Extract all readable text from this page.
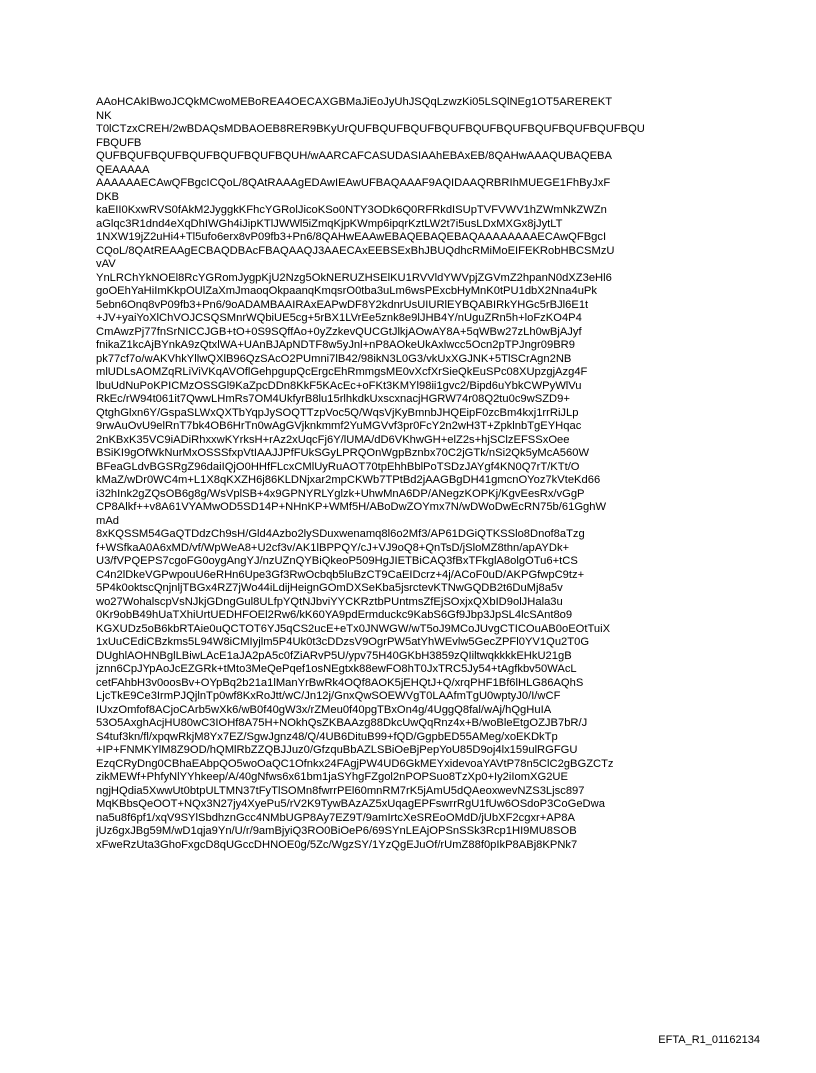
AAoHCAkIBwoJCQkMCwoMEBoREA4OECAXGBMaJiEoJyUhJSQqLzwzKi05LSQlNEg1OT5AREREKT
NK
T0lCTzxCREH/2wBDAQsMDBAOEB8RER9BKyUrQUFBQUFBQUFBQUFBQUFBQUFBQUFBQUFBQUFBQU
FBQUFB
QUFBQUFBQUFBQUFBQUFBQUFBQUH/wAARCAFCASUDASIAAhEBAxEB/8QAHwAAAQUBAQEBA
QEAAAAA
AAAAAAECAwQFBgcICQoL/8QAtRAAAgEDAwIEAwUFBAQAAAF9AQIDAAQRBRIhMUEGE1FhByJxF
DKB
kaEII0KxwRVS0fAkM2JyggkKFhcYGRolJicoKSo0NTY3ODk6Q0RFRkdISUpTVFVWV1hZWmNkZWZn
aGlqc3R1dnd4eXqDhIWGh4iJipKTlJWWl5iZmqKjpKWmp6ipqrKztLW2t7i5usLDxMXGx8jJytLT
1NXW19jZ2uHi4+Tl5ufo6erx8vP09fb3+Pn6/8QAHwEAAwEBAQEBAQEBAQAAAAAAAAECAwQFBgcI
CQoL/8QAtREAAgECBAQDBAcFBAQAAQJ3AAECAxEEBSExBhJBUQdhcRMiMoEIFEKRobHBCSMzU
vAV
YnLRChYkNOEl8RcYGRomJygpKjU2Nzg5OkNERUZHSElKU1RVVldYWVpjZGVmZ2hpanN0dXZ3eHl6
goOEhYaHiImKkpOUlZaXmJmaoqOkpaanqKmqsrO0tba3uLm6wsPExcbHyMnK0tPU1dbX2Nna4uPk
5ebn6Onq8vP09fb3+Pn6/9oADAMBAAIRAxEAPwDF8Y2kdnrUsUIURlEYBQABIRkYHGc5rBJl6E1t
+JV+yaiYoXlChVOJCSQSMnrWQbiUE5cg+5rBX1LVrEe5znk8e9lJHB4Y/nUguZRn5h+loFzKO4P4
CmAwzPj77fnSrNICCJGB+tO+0S9SQffAo+0yZzkevQUCGtJlkjAOwAY8A+5qWBw27zLh0wBjAJyf
fnikaZ1kcAjBYnkA9zQtxlWA+UAnBJApNDTF8w5yJnl+nP8AOkeUkAxlwcc5Ocn2pTPJngr09BR9
pk77cf7o/wAKVhkYllwQXlB96QzSAcO2PUmni7lB42/98ikN3L0G3/vkUxXGJNK+5TlSCrAgn2NB
mlUDLsAOMZqRLiViVKqAVOflGehpgupQcErgcEhRmmgsME0vXcfXrSieQkEuSPc08XUpzgjAzg4F
lbuUdNuPoKPICMzOSSGl9KaZpcDDn8KkF5KAcEc+oFKt3KMYl98ii1gvc2/Bipd6uYbkCWPyWlVu
RkEc/rW94t061it7QwwLHmRs7OM4UkfyrB8lu15rlhkdkUxscxnacjHGRW74r08Q2tu0c9wSZD9+
QtghGlxn6Y/GspaSLWxQXTbYqpJySOQTTzpVoc5Q/WqsVjKyBmnbJHQEipF0zcBm4kxj1rrRiJLp
9rwAuOvU9elRnT7bk4OB6HrTn0wAgGVjknkmmf2YuMGVvf3pr0FcY2n2wH3T+ZpklnbTgEYHqac
2nKBxK35VC9iADiRhxxwKYrksH+rAz2xUqcFj6Y/lUMA/dD6VKhwGH+elZ2s+hjSClzEFSSxOee
BSiKI9gOfWkNurMxOSSSfxpVtIAAJJPfFUkSGyLPRQOnWgpBznbx70C2jGTk/nSi2Qk5yMcA560W
BFeaGLdvBGSRgZ96daiIQjO0HHfFLcxCMlUyRuAOT70tpEhhBblPoTSDzJAYgf4KN0Q7rT/KTt/O
kMaZ/wDr0WC4m+L1X8qKXZH6j86KLDNjxar2mpCKWb7TPtBd2jAAGBgDH41gmcnOYoz7kVteKd66
i32hInk2gZQsOB6g8g/WsVplSB+4x9GPNYRLYglzk+UhwMnA6DP/ANegzKOPKj/KgvEesRx/vGgP
CP8Alkf++v8A61VYAMwOD5SD14P+NHnKP+WMf5H/ABoDwZOYmx7N/wDWoDwEcRN75b/61GghW
mAd
8xKQSSM54GaQTDdzCh9sH/Gld4Azbo2lySDuxwenamq8l6o2Mf3/AP61DGiQTKSSlo8Dnof8aTzg
f+WSfkaA0A6xMD/vf/WpWeA8+U2cf3v/AK1lBPPQY/cJ+VJ9oQ8+QnTsD/jSloMZ8thn/apAYDk+
U3/fVPQEPS7cgoFG0oygAngYJ/nzUZnQYBiQkeoP509HgJIETBiCAQ3fBxTFkglA8olgOTu6+tCS
C4n2lDkeVGPwpouU6eRHn6Upe3Gf3RwOcbqb5luBzCT9CaEIDcrz+4j/ACoF0uD/AKPGfwpC9tz+
5P4k0oktscQnjnljTBGx4RZ7jWo44iLdijHeignGOmDXSeKba5jsrctevKTNwGQDB2t6DuMj8a5v
wo27WohalscpVsNJkjGDngGul8ULfpYQtNJbviYYCKRztbPUntmsZfEjSOxjxQXbID9olJHala3u
0Kr9obB49hUaTXhiUrtUEDHFOEl2Rw6/kK60YA9pdErmduckc9KabS6Gf9Jbp3JpSL4lcSAnt8o9
KGXUDz5oB6kbRTAie0uQCTOT6YJ5qCS2ucE+eTx0JNWGW/wT5oJ9MCoJUvgCTICOuAB0oEOtTuiX
1xUuCEdiCBzkms5L94W8iCMIyjlm5P4Uk0t3cDDzsV9OgrPW5atYhWEvlw5GecZPFl0YV1Qu2T0G
DUghlAOHNBglLBiwLAcE1aJA2pA5c0fZiARvP5U/ypv75H40GKbH3859zQIiltwqkkkkEHkU21gB
jznn6CpJYpAoJcEZGRk+tMto3MeQePqef1osNEgtxk88ewFO8hT0JxTRC5Jy54+tAgfkbv50WAcL
cetFAhbH3v0oosBv+OYpBq2b21a1lManYrBwRk4OQf8AOK5jEHQtJ+Q/xrqPHF1Bf6lHLG86AQhS
LjcTkE9Ce3IrmPJQjlnTp0wf8KxRoJtt/wC/Jn12j/GnxQwSOEWVgT0LAAfmTgU0wptyJ0/I/wCF
IUxzOmfof8ACjoCArb5wXk6/wB0f40gW3x/rZMeu0f40pgTBxOn4g/4UggQ8fal/wAj/hQgHuIA
53O5AxghAcjHU80wC3IOHf8A75H+NOkhQsZKBAAzg88DkcUwQqRnz4x+B/woBleEtgOZJB7bR/J
S4tuf3kn/fl/xpqwRkjM8Yx7EZ/SgwJgnz48/Q/4UB6DituB99+fQD/GgpbED55AMeg/xoEKDkTp
+IP+FNMKYlM8Z9OD/hQMlRbZZQBJJuz0/GfzquBbAZLSBiOeBjPepYoU85D9oj4lx159ulRGFGU
EzqCRyDng0CBhaEAbpQO5woOaQC1Ofnkx24FAgjPW4UD6GkMEYxidevoaYAVtP78n5ClC2gBGZCTz
zikMEWf+PhfyNlYYhkeep/A/40gNfws6x61bm1jaSYhgFZgol2nPOPSuo8TzXp0+Iy2iIomXG2UE
ngjHQdia5XwwUt0btpULTMN37tFyTlSOMn8fwrrPEl60mnRM7rK5jAmU5dQAeoxwevNZS3Ljsc897
MqKBbsQeOOT+NQx3N27jy4XyePu5/rV2K9TywBAzAZ5xUqagEPFswrrRgU1fUw6OSdoP3CoGeDwa
na5u8f6pf1/xqV9SYlSbdhznGcc4NMbUGP8Ay7EZ9T/9amIrtcXeSREoOMdD/jUbXF2cgxr+AP8A
jUz6gxJBg59M/wD1qja9Yn/U/r/9amBjyiQ3RO0BiOeP6/69SYnLEAjOPSnSSk3Rcp1HI9MU8SOB
xFweRzUta3GhoFxgcD8qUGccDHNOE0g/5Zc/WgzSY/1YzQgEJuOf/rUmZ88f0pIkP8ABj8KPNk7
EFTA_R1_01162134
